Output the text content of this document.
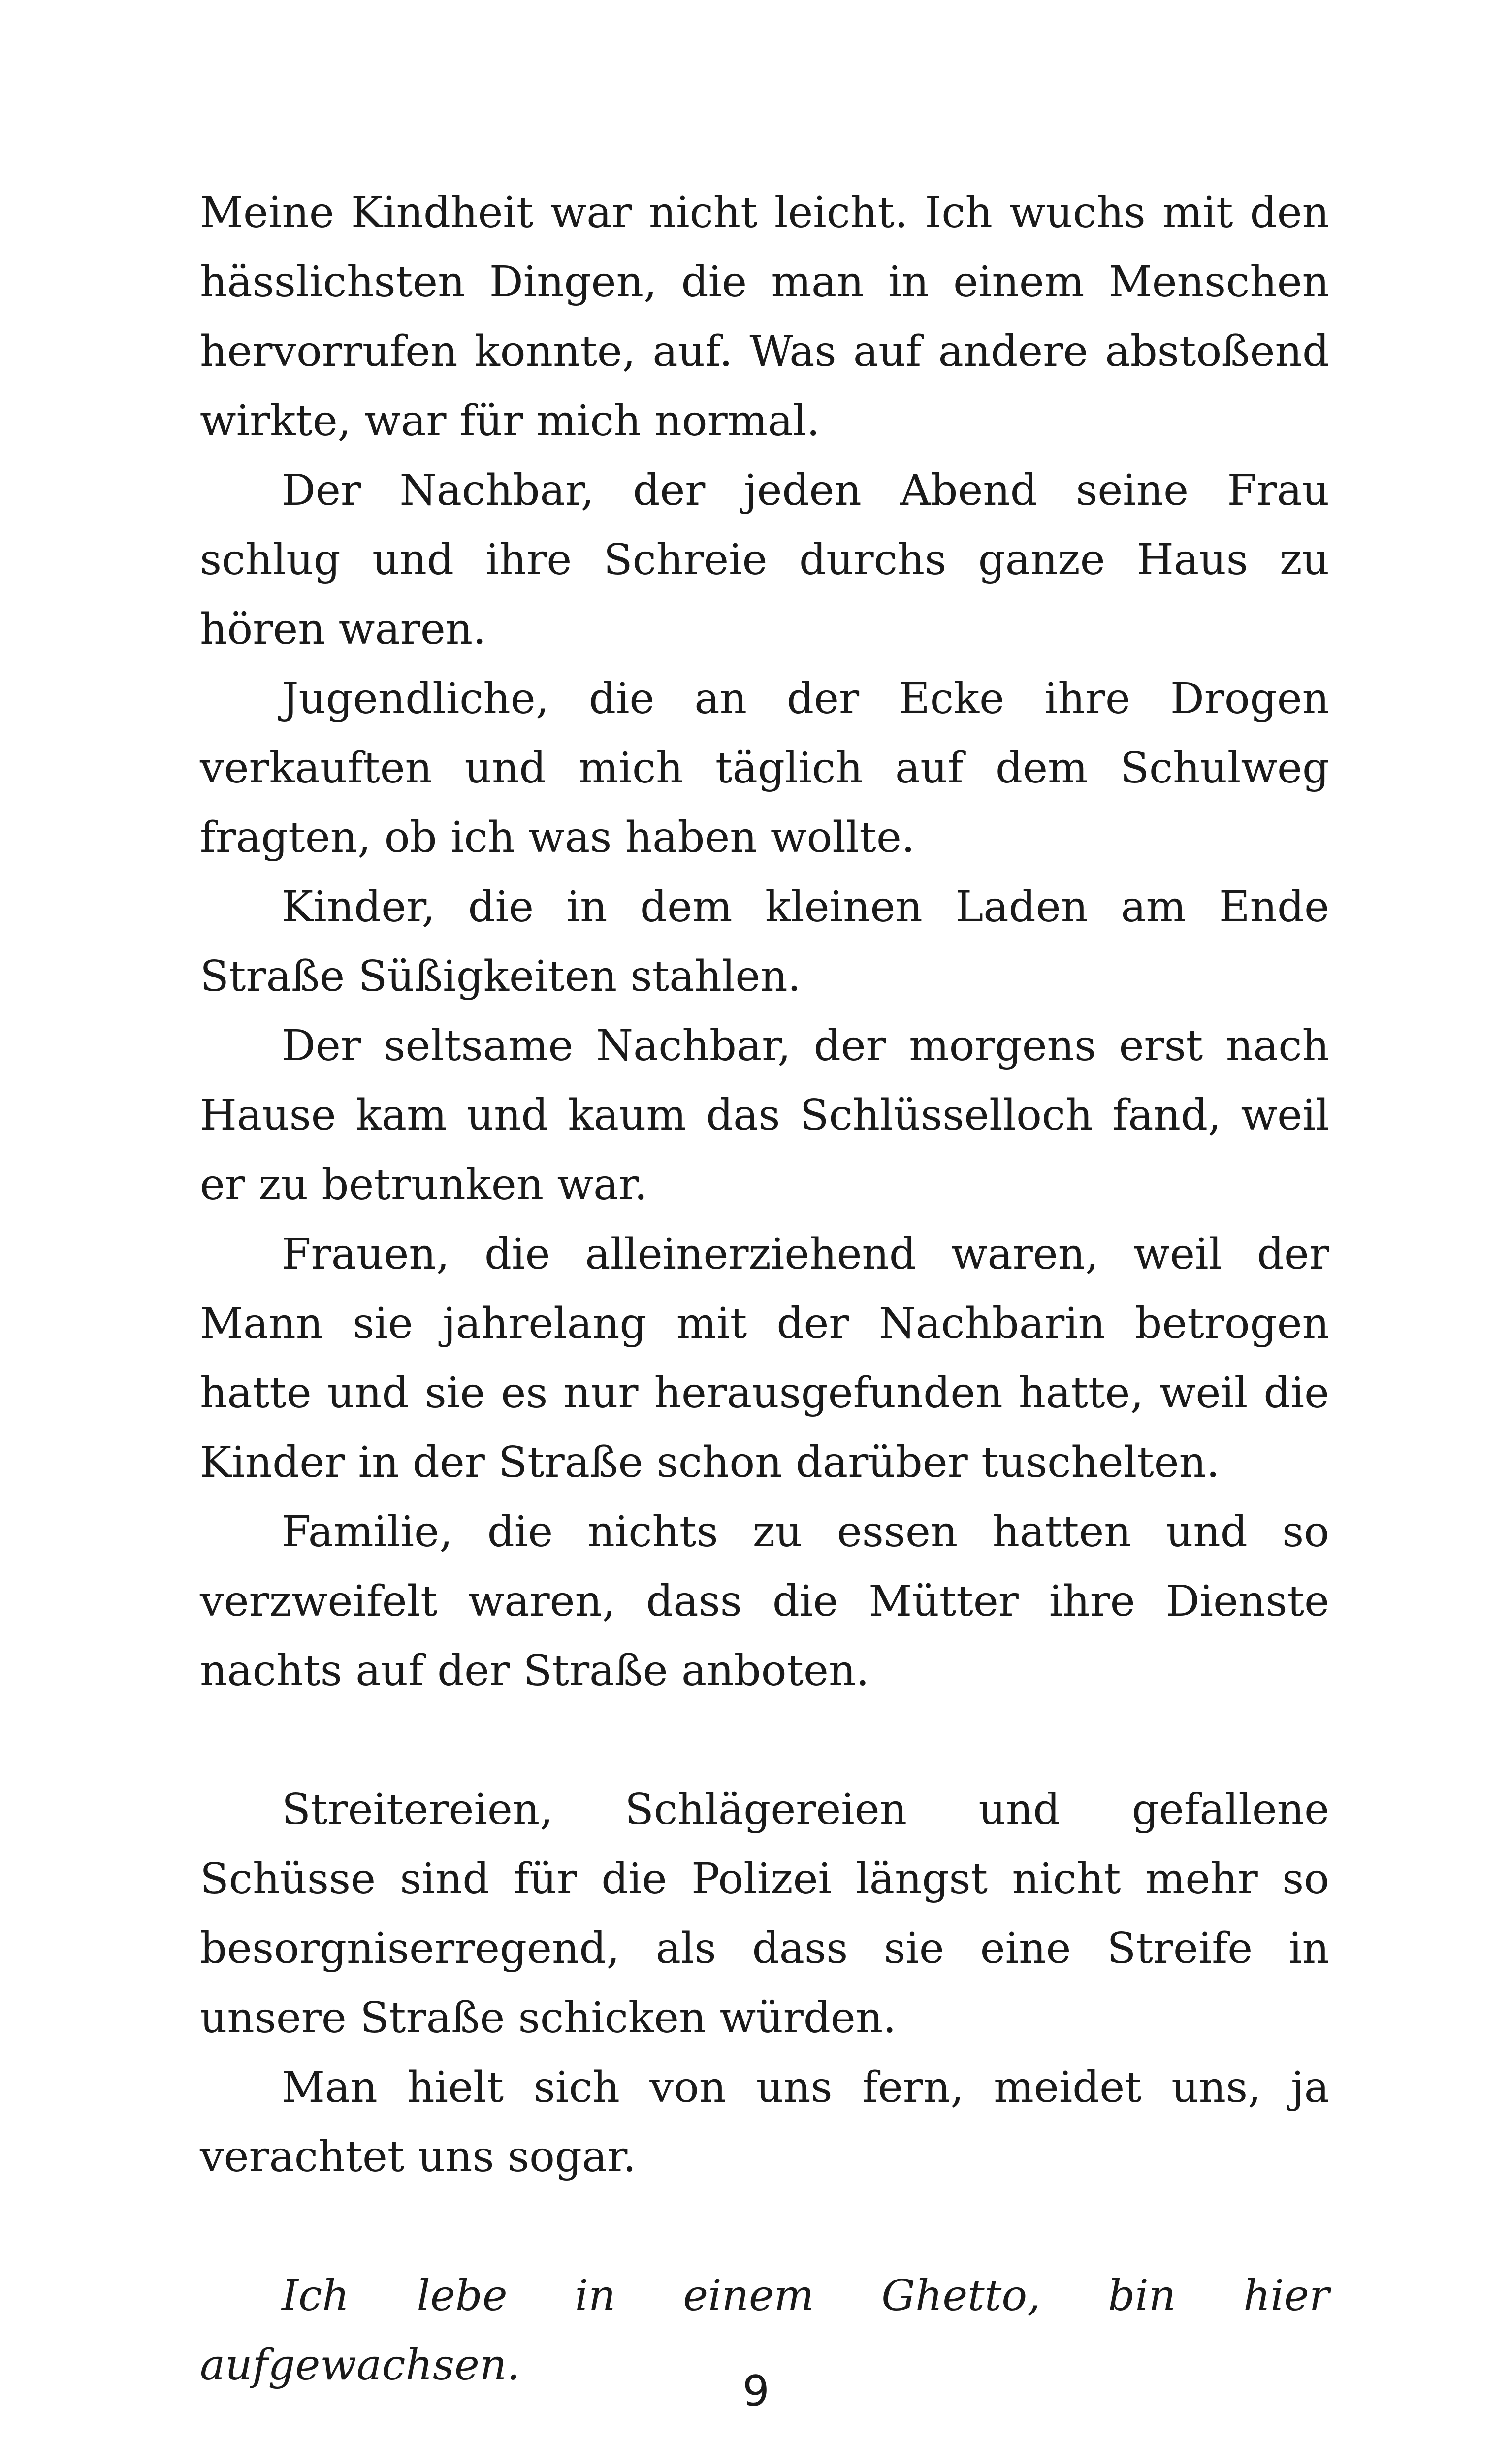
Meine Kindheit war nicht leicht. Ich wuchs mit den hässlichsten Dingen, die man in einem Menschen hervorrufen konnte, auf. Was auf andere abstoßend wirkte, war für mich normal.

Der Nachbar, der jeden Abend seine Frau schlug und ihre Schreie durchs ganze Haus zu hören waren.

Jugendliche, die an der Ecke ihre Drogen verkauften und mich täglich auf dem Schulweg fragten, ob ich was haben wollte.

Kinder, die in dem kleinen Laden am Ende Straße Süßigkeiten stahlen.

Der seltsame Nachbar, der morgens erst nach Hause kam und kaum das Schlüsselloch fand, weil er zu betrunken war.

Frauen, die alleinerziehend waren, weil der Mann sie jahrelang mit der Nachbarin betrogen hatte und sie es nur herausgefunden hatte, weil die Kinder in der Straße schon darüber tuschelten.

Familie, die nichts zu essen hatten und so verzweifelt waren, dass die Mütter ihre Dienste nachts auf der Straße anboten.

Streitereien, Schlägereien und gefallene Schüsse sind für die Polizei längst nicht mehr so besorgniserregend, als dass sie eine Streife in unsere Straße schicken würden.

Man hielt sich von uns fern, meidet uns, ja verachtet uns sogar.

Ich lebe in einem Ghetto, bin hier aufgewachsen.

9
